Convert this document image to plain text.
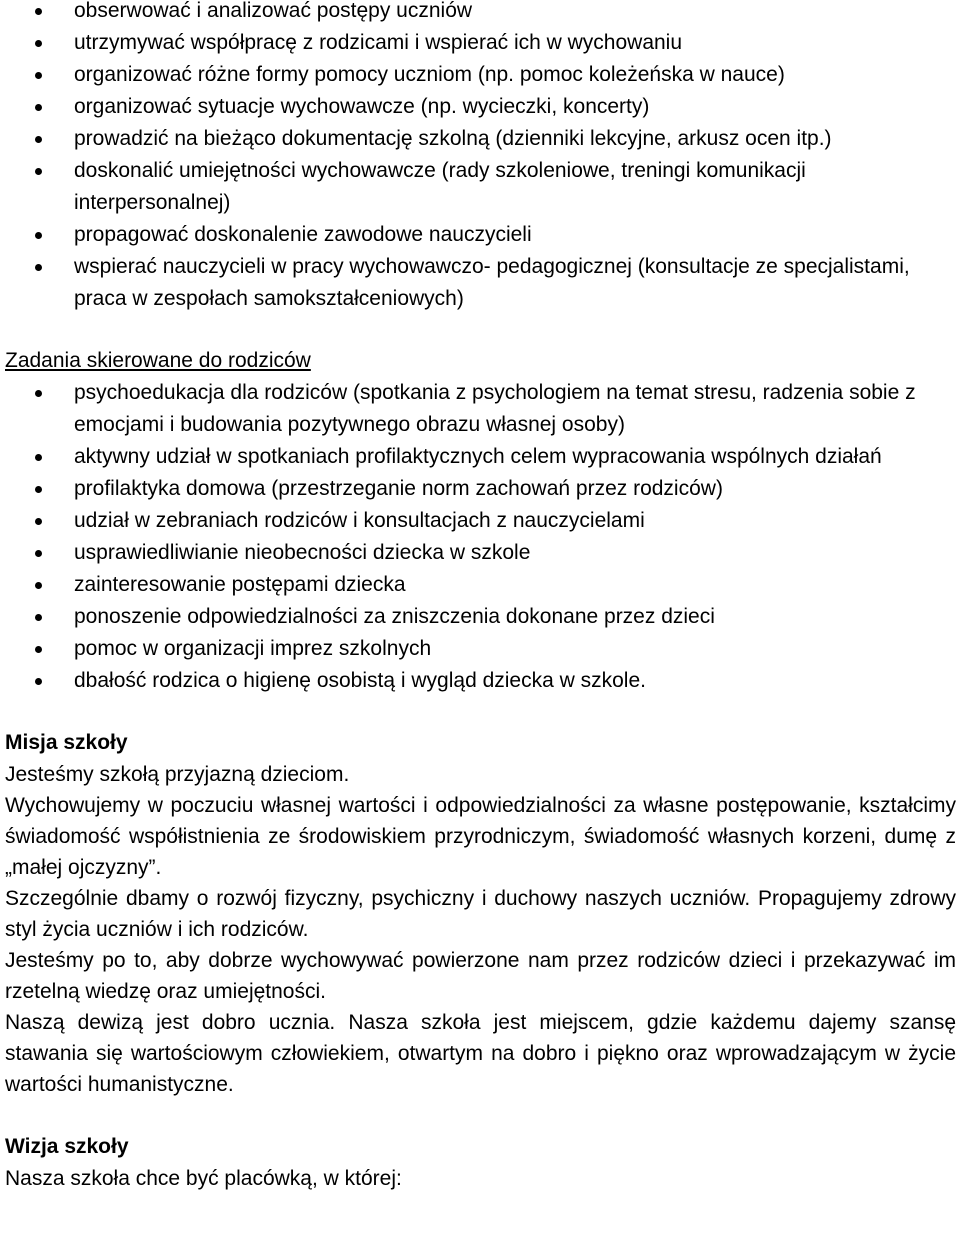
obserwować i analizować postępy uczniów
utrzymywać współpracę z rodzicami i wspierać ich w wychowaniu
organizować różne formy pomocy uczniom (np. pomoc koleżeńska w nauce)
organizować sytuacje wychowawcze (np. wycieczki, koncerty)
prowadzić na bieżąco dokumentację szkolną (dzienniki lekcyjne, arkusz ocen itp.)
doskonalić umiejętności wychowawcze (rady szkoleniowe, treningi komunikacji interpersonalnej)
propagować doskonalenie zawodowe nauczycieli
wspierać nauczycieli w pracy wychowawczo- pedagogicznej (konsultacje ze specjalistami, praca w zespołach samokształceniowych)
Zadania skierowane do rodziców
psychoedukacja dla rodziców (spotkania z psychologiem na temat stresu, radzenia sobie z emocjami i budowania pozytywnego obrazu własnej osoby)
aktywny udział w spotkaniach profilaktycznych celem wypracowania wspólnych działań
profilaktyka domowa (przestrzeganie norm zachowań przez rodziców)
udział w zebraniach rodziców i konsultacjach z nauczycielami
usprawiedliwianie nieobecności dziecka w szkole
zainteresowanie postępami dziecka
ponoszenie odpowiedzialności za zniszczenia dokonane przez dzieci
pomoc w organizacji imprez szkolnych
dbałość rodzica o higienę osobistą i wygląd dziecka w szkole.
Misja szkoły

Jesteśmy szkołą przyjazną dzieciom.

Wychowujemy w poczuciu własnej wartości i odpowiedzialności za własne postępowanie, kształcimy świadomość współistnienia ze środowiskiem przyrodniczym, świadomość własnych korzeni, dumę z „małej ojczyzny”.

Szczególnie dbamy o rozwój fizyczny, psychiczny i duchowy naszych uczniów. Propagujemy zdrowy styl życia uczniów i ich rodziców.

Jesteśmy po to, aby dobrze wychowywać powierzone nam przez rodziców dzieci i przekazywać im rzetelną wiedzę oraz umiejętności.

Naszą dewizą jest dobro ucznia. Nasza szkoła jest miejscem, gdzie każdemu dajemy szansę stawania się wartościowym człowiekiem, otwartym na dobro i piękno oraz wprowadzającym w życie wartości humanistyczne.

Wizja szkoły

Nasza szkoła chce być placówką, w której:
